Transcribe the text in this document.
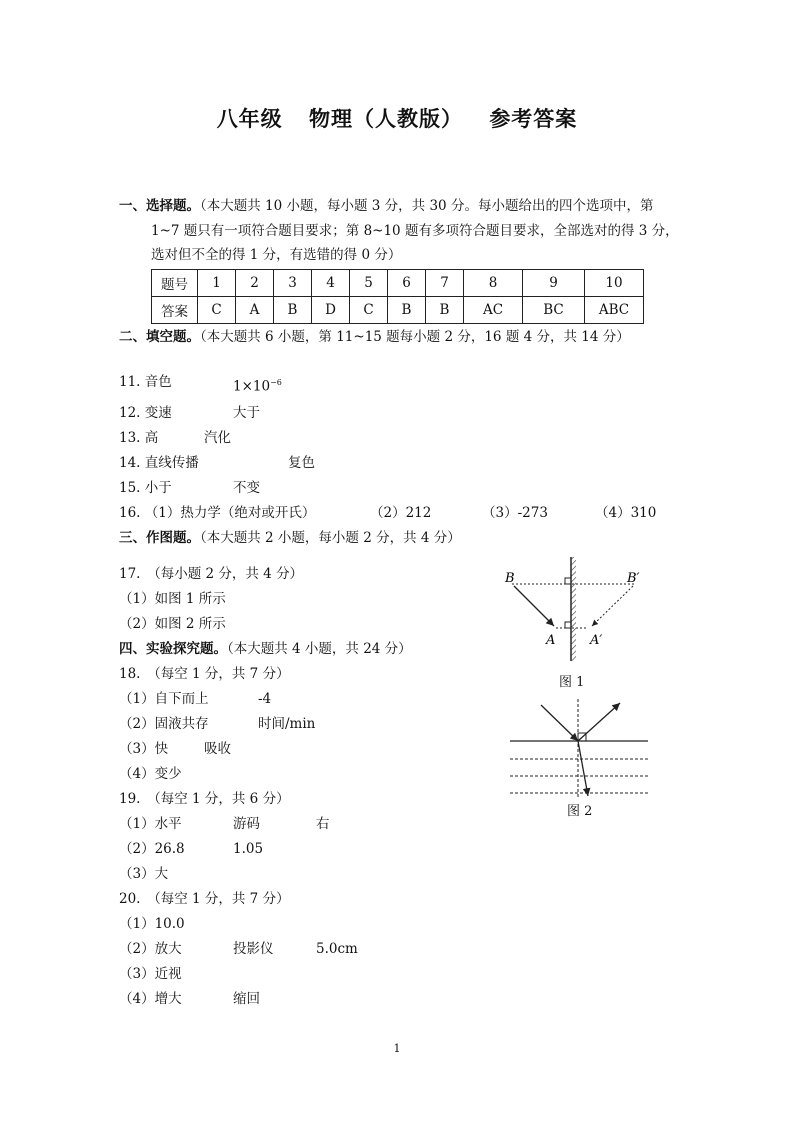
八年级 物理（人教版） 参考答案
一、选择题。（本大题共 10 小题，每小题 3 分，共 30 分。每小题给出的四个选项中，第
1~7 题只有一项符合题目要求；第 8~10 题有多项符合题目要求，全部选对的得 3 分，
选对但不全的得 1 分，有选错的得 0 分）
题号	1	2	3	4	5	6	7	8	9	10
答案	C	A	B	D	C	B	B	AC	BC	ABC
二、填空题。（本大题共 6 小题，第 11~15 题每小题 2 分，16 题 4 分，共 14 分）
11. 音色	$1\times 10^{-6}$
12. 变速	大于
13. 高	汽化
14. 直线传播	复色
15. 小于	不变
16. （1）热力学（绝对或开氏）	（2）212	（3）-273	（4）310
三、作图题。（本大题共 2 小题，每小题 2 分，共 4 分）
17.　（每小题 2 分，共 4 分）
（1）如图 1 所示
（2）如图 2 所示
四、实验探究题。（本大题共 4 小题，共 24 分）
18.　（每空 1 分，共 7 分）
（1）自下而上	-4
（2）固液共存	时间/min
（3）快	吸收
（4）变少
19.　（每空 1 分，共 6 分）
（1）水平	游码	右
（2）26.8	1.05
（3）大
20.　（每空 1 分，共 7 分）
（1）10.0
（2）放大	投影仪	5.0cm
（3）近视
（4）增大	缩回
B	B′
A	A′
图 1
图 2
1
